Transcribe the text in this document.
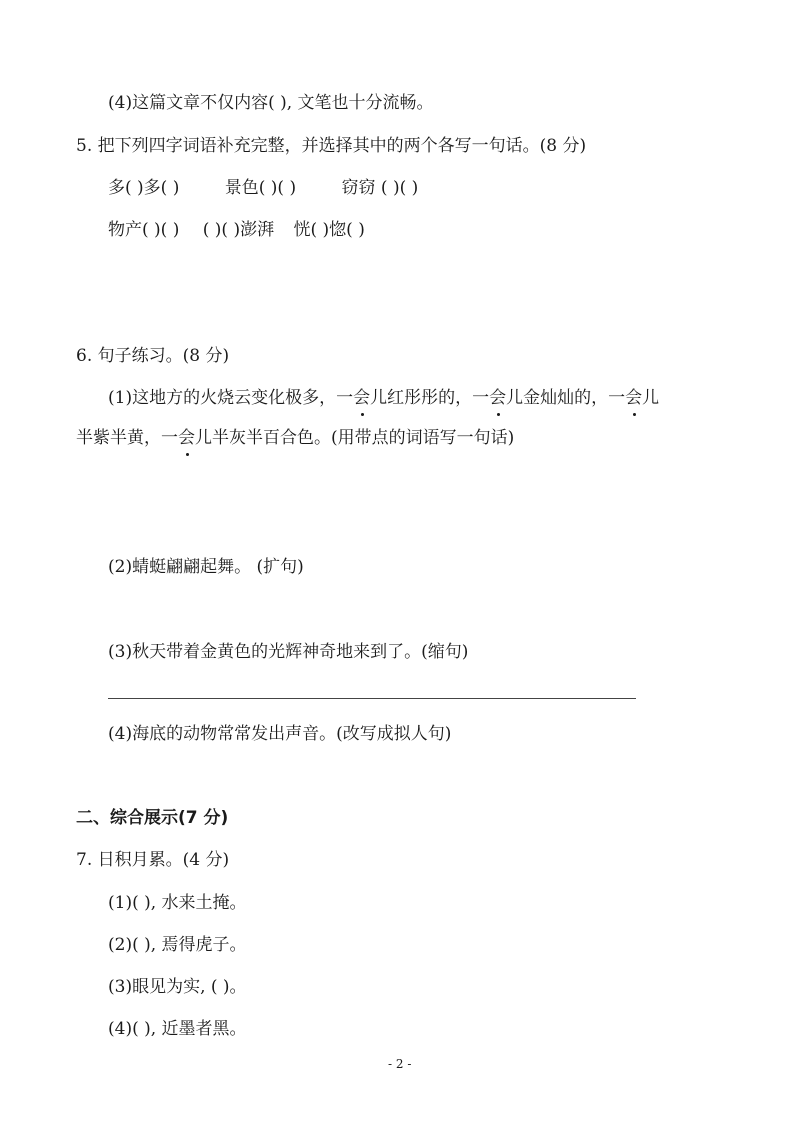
(4)这篇文章不仅内容( ), 文笔也十分流畅。
5. 把下列四字词语补充完整，并选择其中的两个各写一句话。(8 分)
多( )多( )	景色( )( )	窃窃 ( )( )
物产( )( ) ( )( )澎湃 恍( )惚( )
6. 句子练习。(8 分)
(1)这地方的火烧云变化极多，一会儿红彤彤的，一会儿金灿灿的，一会儿
半紫半黄，一会儿半灰半百合色。(用带点的词语写一句话)
(2)蜻蜓翩翩起舞。 (扩句)
(3)秋天带着金黄色的光辉神奇地来到了。(缩句)
(4)海底的动物常常发出声音。(改写成拟人句)
二、综合展示(7 分)
7. 日积月累。(4 分)
(1)( ), 水来土掩。
(2)( ), 焉得虎子。
(3)眼见为实, ( )。
(4)( ), 近墨者黑。
- 2 -
